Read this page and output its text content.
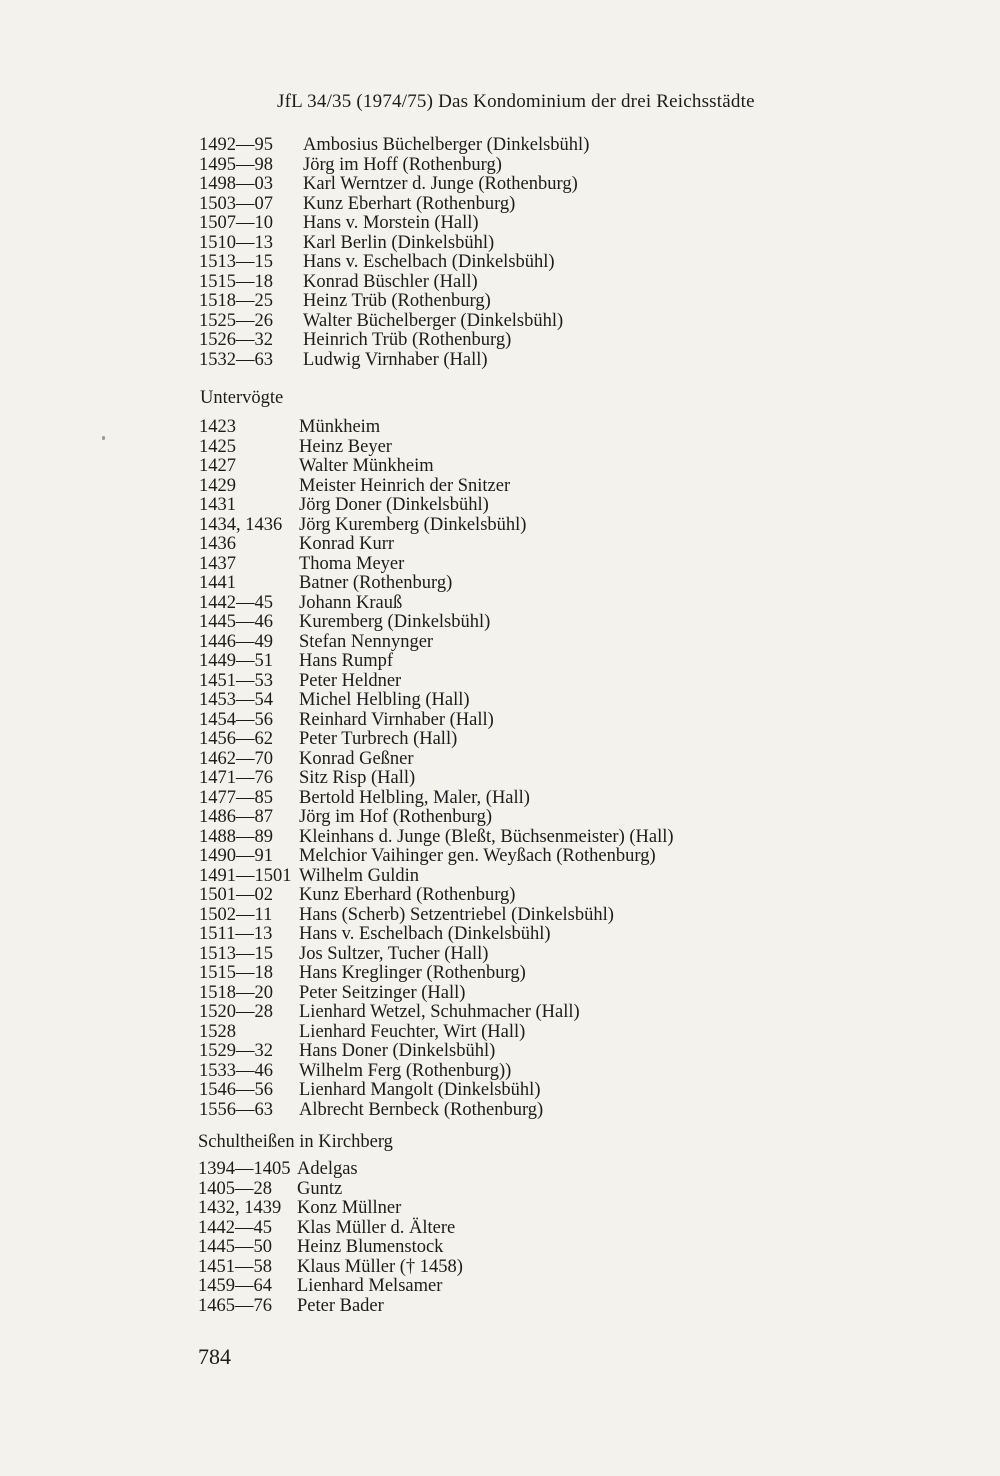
JfL 34/35 (1974/75) Das Kondominium der drei Reichsstädte
1492—95	Ambosius Büchelberger (Dinkelsbühl)
1495—98	Jörg im Hoff (Rothenburg)
1498—03	Karl Werntzer d. Junge (Rothenburg)
1503—07	Kunz Eberhart (Rothenburg)
1507—10	Hans v. Morstein (Hall)
1510—13	Karl Berlin (Dinkelsbühl)
1513—15	Hans v. Eschelbach (Dinkelsbühl)
1515—18	Konrad Büschler (Hall)
1518—25	Heinz Trüb (Rothenburg)
1525—26	Walter Büchelberger (Dinkelsbühl)
1526—32	Heinrich Trüb (Rothenburg)
1532—63	Ludwig Virnhaber (Hall)
Untervögte
1423	Münkheim
1425	Heinz Beyer
1427	Walter Münkheim
1429	Meister Heinrich der Snitzer
1431	Jörg Doner (Dinkelsbühl)
1434, 1436 Jörg Kuremberg (Dinkelsbühl)
1436	Konrad Kurr
1437	Thoma Meyer
1441	Batner (Rothenburg)
1442—45	Johann Krauß
1445—46	Kuremberg (Dinkelsbühl)
1446—49	Stefan Nennynger
1449—51	Hans Rumpf
1451—53	Peter Heldner
1453—54	Michel Helbling (Hall)
1454—56	Reinhard Virnhaber (Hall)
1456—62	Peter Turbrech (Hall)
1462—70	Konrad Geßner
1471—76	Sitz Risp (Hall)
1477—85	Bertold Helbling, Maler, (Hall)
1486—87	Jörg im Hof (Rothenburg)
1488—89	Kleinhans d. Junge (Bleßt, Büchsenmeister) (Hall)
1490—91	Melchior Vaihinger gen. Weyßach (Rothenburg)
1491—1501 Wilhelm Guldin
1501—02	Kunz Eberhard (Rothenburg)
1502—11	Hans (Scherb) Setzentriebel (Dinkelsbühl)
1511—13	Hans v. Eschelbach (Dinkelsbühl)
1513—15	Jos Sultzer, Tucher (Hall)
1515—18	Hans Kreglinger (Rothenburg)
1518—20	Peter Seitzinger (Hall)
1520—28	Lienhard Wetzel, Schuhmacher (Hall)
1528	Lienhard Feuchter, Wirt (Hall)
1529—32	Hans Doner (Dinkelsbühl)
1533—46	Wilhelm Ferg (Rothenburg))
1546—56	Lienhard Mangolt (Dinkelsbühl)
1556—63	Albrecht Bernbeck (Rothenburg)
Schultheißen in Kirchberg
1394—1405 Adelgas
1405—28	Guntz
1432, 1439 Konz Müllner
1442—45	Klas Müller d. Ältere
1445—50	Heinz Blumenstock
1451—58	Klaus Müller († 1458)
1459—64	Lienhard Melsamer
1465—76	Peter Bader
784
